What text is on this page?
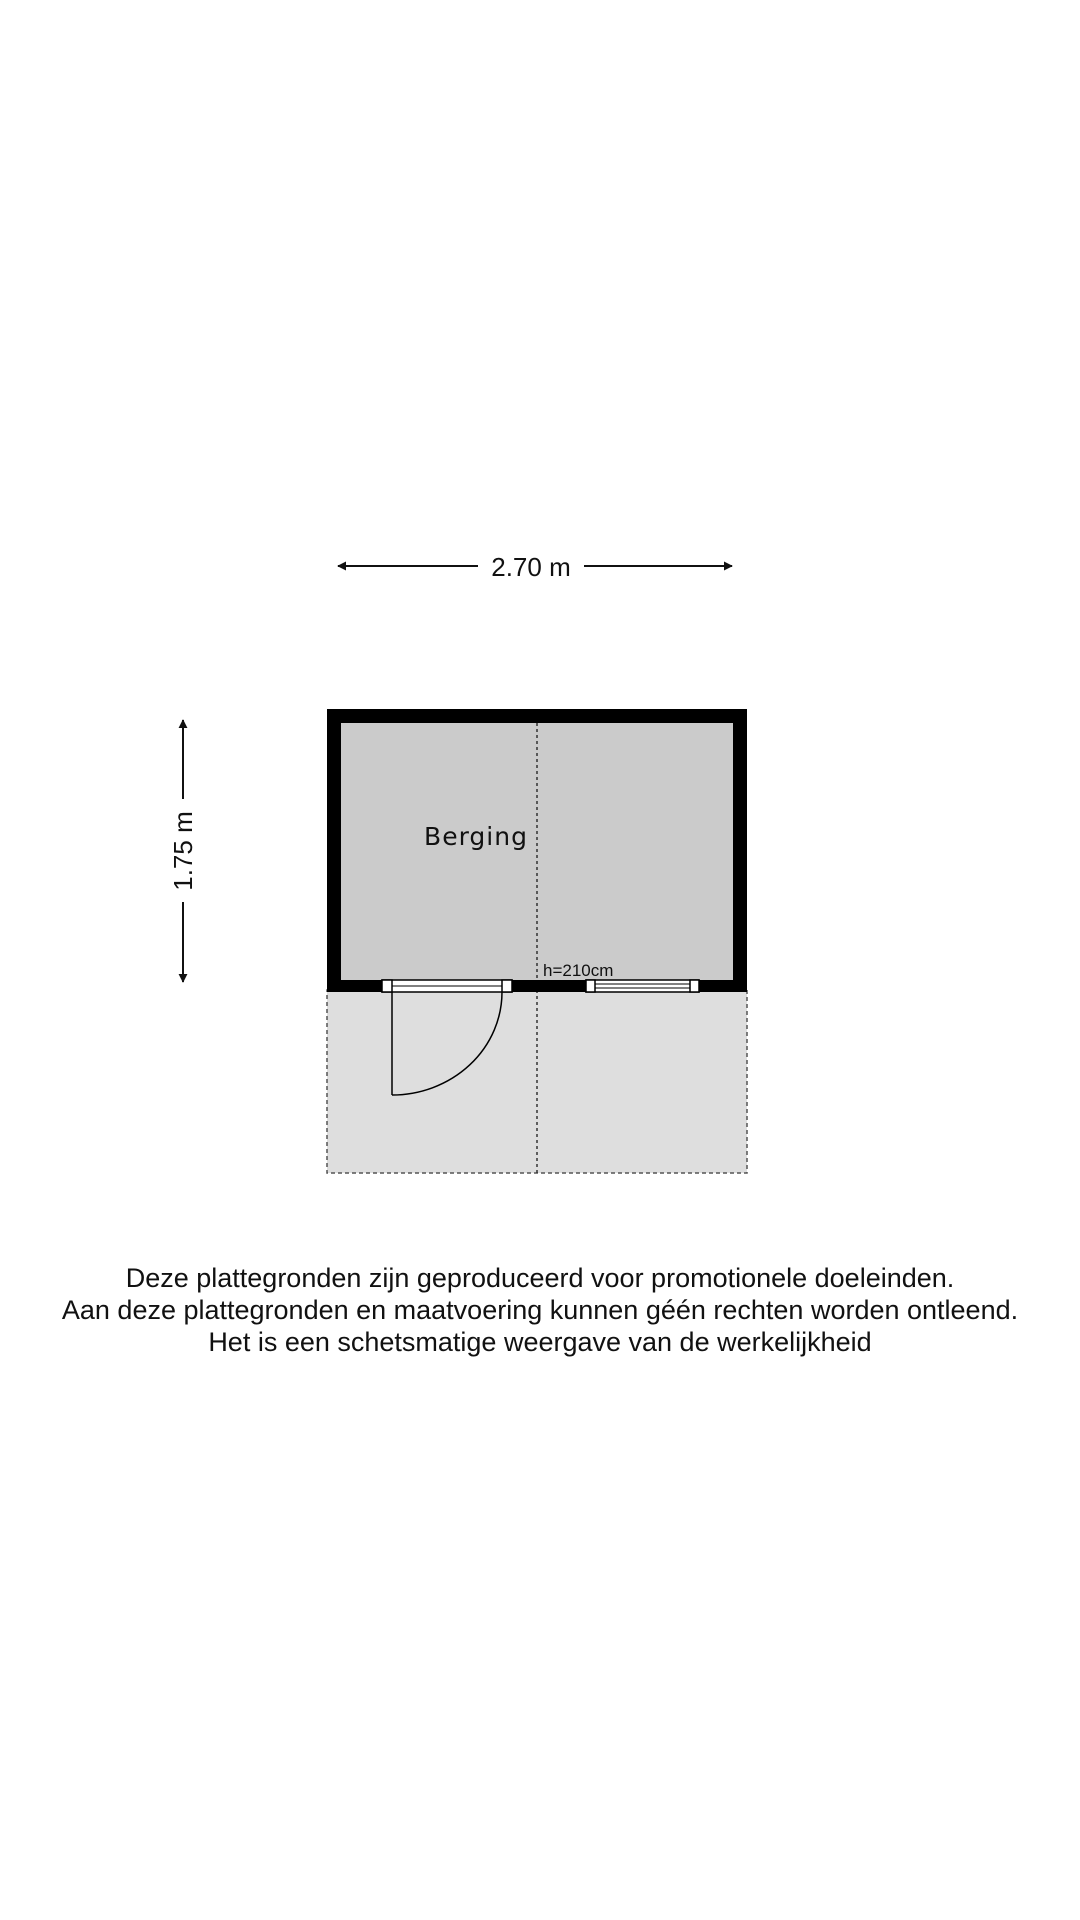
2.70 m
1.75 m	Berging
h=210cm
Deze plattegronden zijn geproduceerd voor promotionele doeleinden.
Aan deze plattegronden en maatvoering kunnen géén rechten worden ontleend.
Het is een schetsmatige weergave van de werkelijkheid
